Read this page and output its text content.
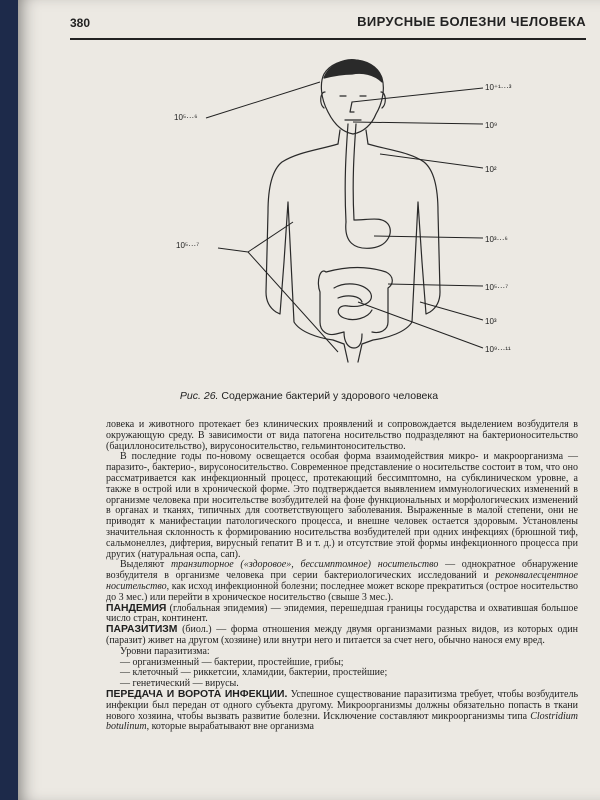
380	ВИРУСНЫЕ БОЛЕЗНИ ЧЕЛОВЕКА
10⁵···⁶
10⁺¹···³
10⁹
10²
10³···⁶
10⁵···⁷
10⁵···⁷
10³
10⁹···¹¹
Рис. 26. Содержание бактерий у здорового человека

ловека и животного протекает без клинических проявлений и сопровождается выделением возбудителя в окружающую среду. В зависимости от вида патогена носительство подразделяют на бактерионосительство (бациллоносительство), вирусоносительство, гельминтоносительство.

В последние годы по-новому освещается особая форма взаимодействия микро- и макроорганизма — паразито-, бактерио-, вирусоносительство. Современное представление о носительстве состоит в том, что оно рассматривается как инфекционный процесс, протекающий бессимптомно, на субклиническом уровне, а также в острой или в хронической форме. Это подтверждается выявлением иммунологических изменений в организме человека при носительстве возбудителей на фоне функциональных и морфологических изменений в органах и тканях, типичных для соответствующего заболевания. Выраженные в малой степени, они не приводят к манифестации патологического процесса, и внешне человек остается здоровым. Установлены значительная склонность к формированию носительства возбудителей при одних инфекциях (брюшной тиф, сальмонеллез, дифтерия, вирусный гепатит В и т. д.) и отсутствие этой формы инфекционного процесса при других (натуральная оспа, сап).

Выделяют транзиторное («здоровое», бессимптомное) носительство — однократное обнаружение возбудителя в организме человека при серии бактериологических исследований и реконвалесцентное носительство, как исход инфекционной болезни; последнее может вскоре прекратиться (острое носительство до 3 мес.) или перейти в хроническое носительство (свыше 3 мес.).

ПАНДЕМИЯ (глобальная эпидемия) — эпидемия, перешедшая границы государства и охватившая большое число стран, континент.

ПАРАЗИТИЗМ (биол.) — форма отношения между двумя организмами разных видов, из которых один (паразит) живет на другом (хозяине) или внутри него и питается за счет него, обычно нанося ему вред.

Уровни паразитизма:

— организменный — бактерии, простейшие, грибы;
— клеточный — риккетсии, хламидии, бактерии, простейшие;
— генетический — вирусы.

ПЕРЕДАЧА И ВОРОТА ИНФЕКЦИИ. Успешное существование паразитизма требует, чтобы возбудитель инфекции был передан от одного субъекта другому. Микроорганизмы должны обязательно попасть в ткани нового хозяина, чтобы вызвать развитие болезни. Исключение составляют микроорганизмы типа Clostridium botulinum, которые вырабатывают вне организма
